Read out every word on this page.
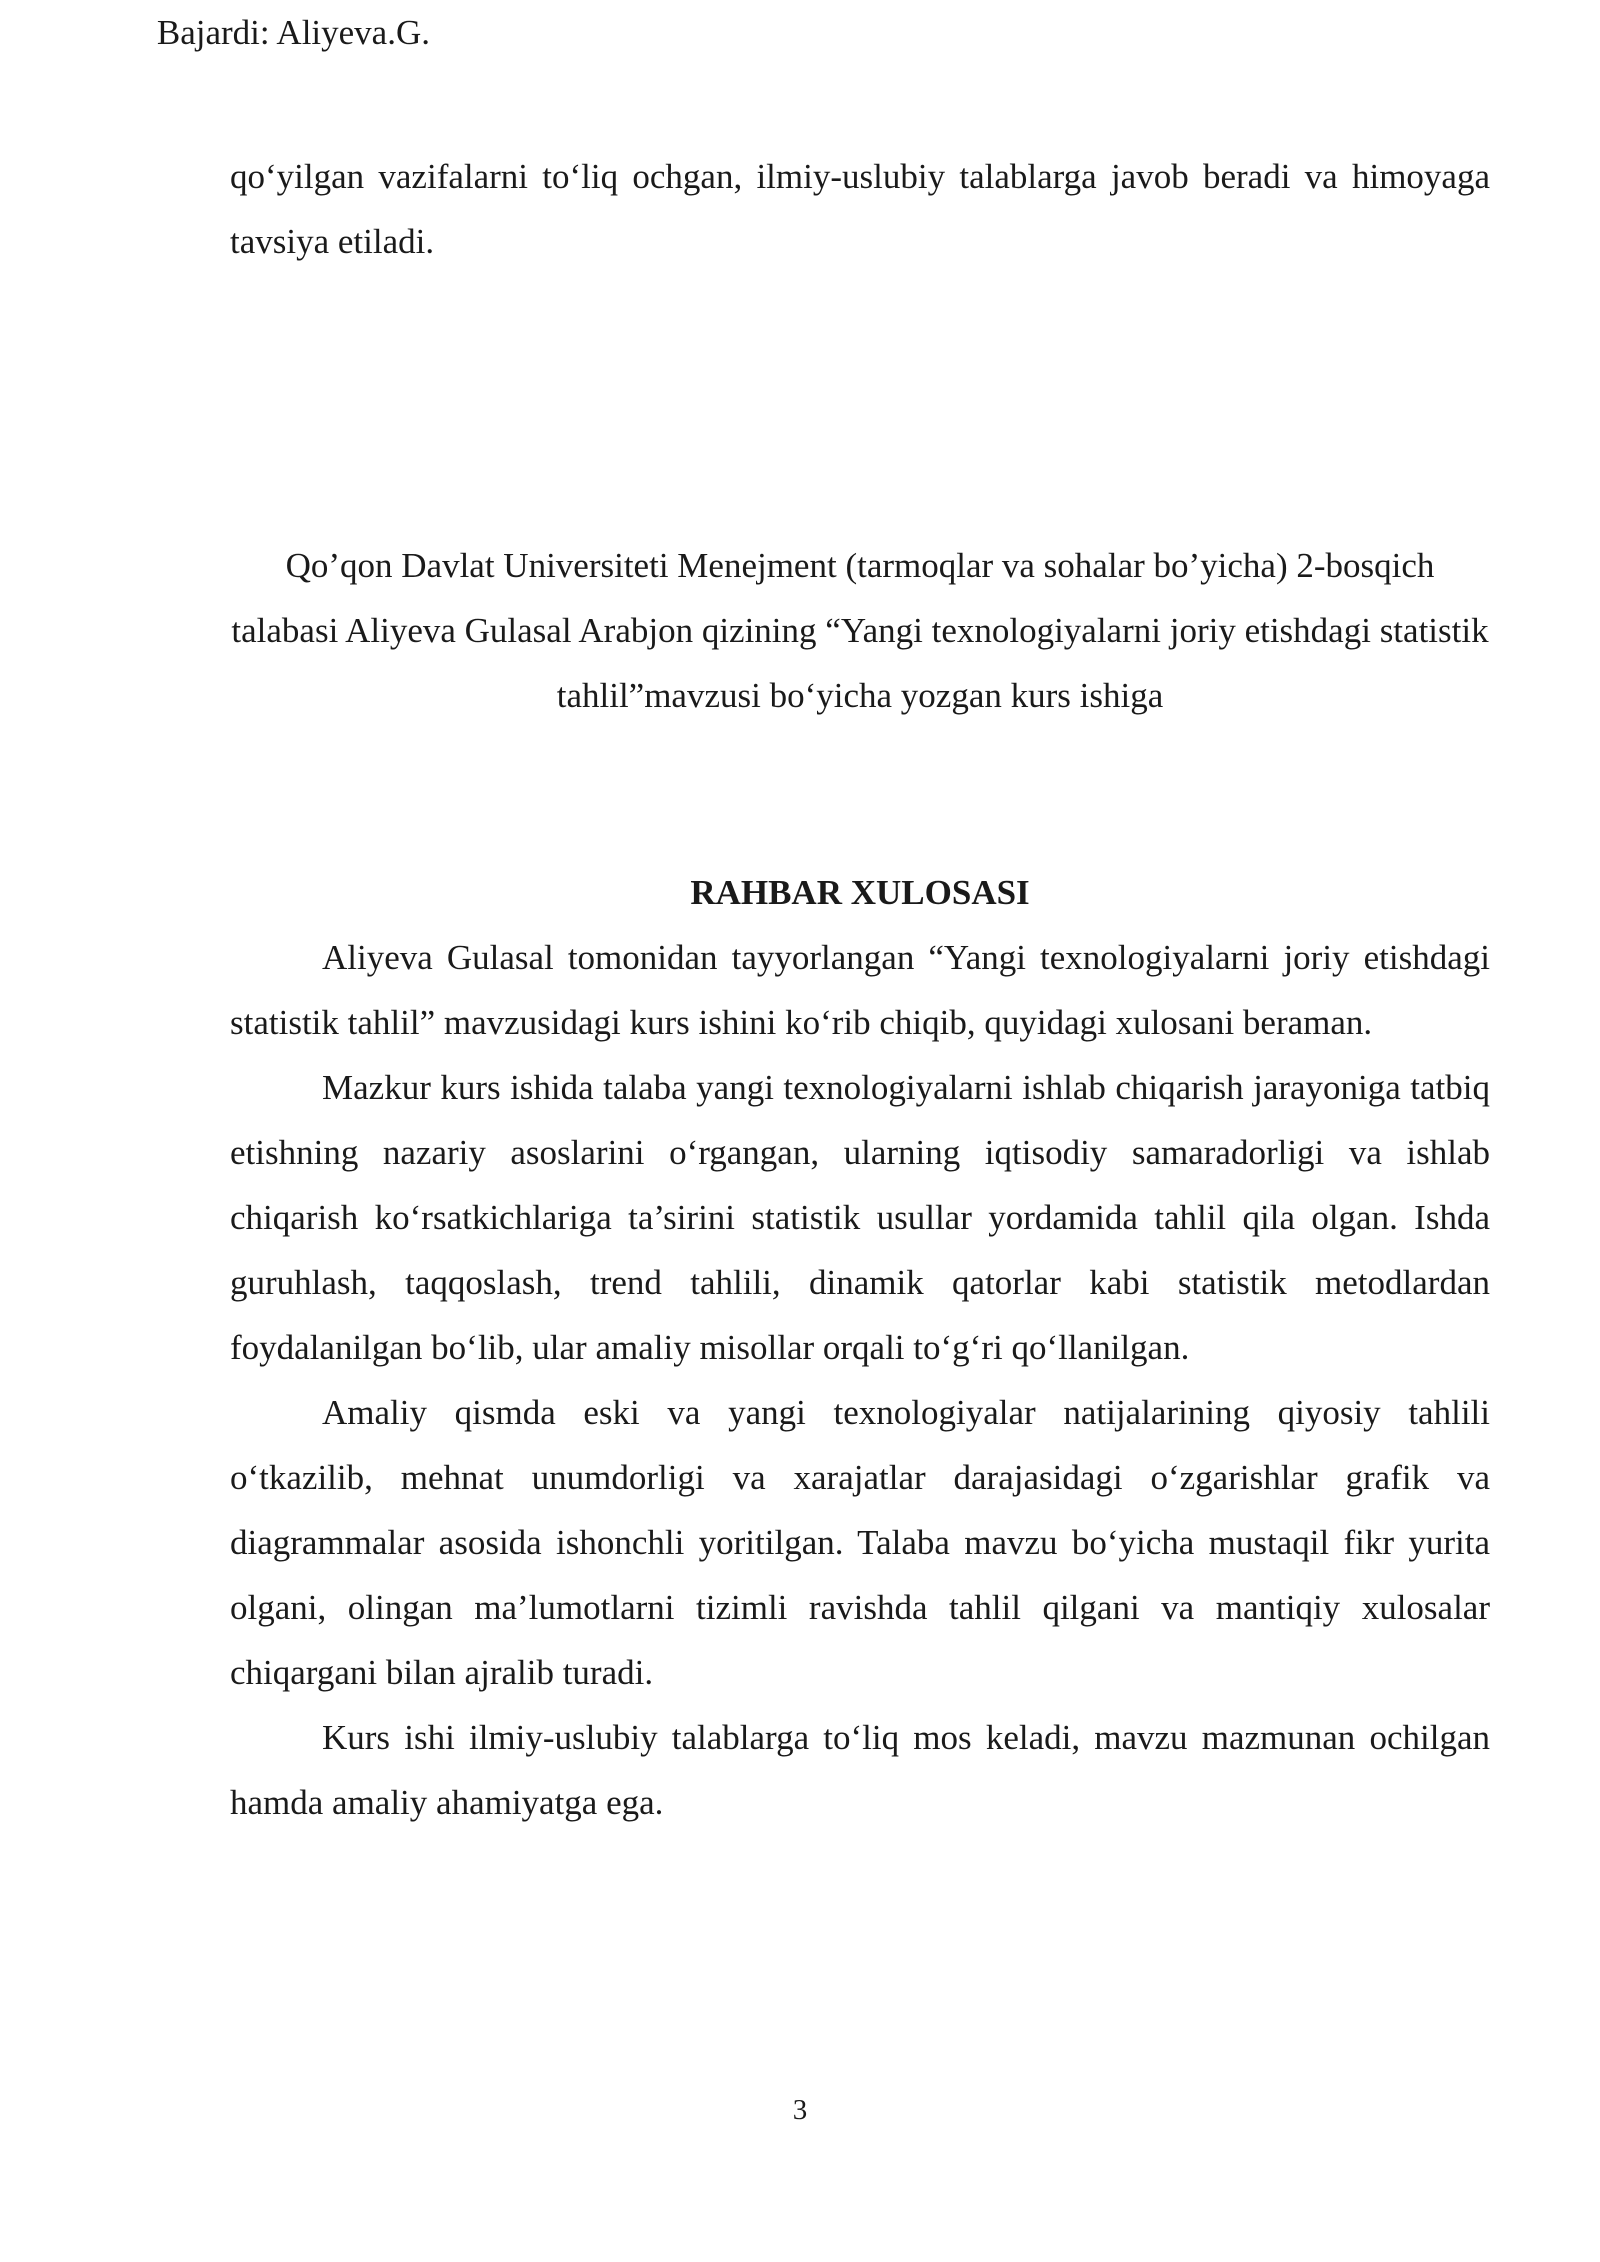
qo‘yilgan vazifalarni to‘liq ochgan, ilmiy-uslubiy talablarga javob beradi va himoyaga tavsiya etiladi.

Bajardi: Aliyeva.G.
Qo’qon Davlat Universiteti Menejment (tarmoqlar va sohalar bo’yicha) 2-bosqich talabasi Aliyeva Gulasal Arabjon qizining “Yangi texnologiyalarni joriy etishdagi statistik tahlil”mavzusi bo‘yicha yozgan kurs ishiga
RAHBAR XULOSASI

Aliyeva Gulasal tomonidan tayyorlangan “Yangi texnologiyalarni joriy etishdagi statistik tahlil” mavzusidagi kurs ishini ko‘rib chiqib, quyidagi xulosani beraman.

Mazkur kurs ishida talaba yangi texnologiyalarni ishlab chiqarish jarayoniga tatbiq etishning nazariy asoslarini o‘rgangan, ularning iqtisodiy samaradorligi va ishlab chiqarish ko‘rsatkichlariga ta’sirini statistik usullar yordamida tahlil qila olgan. Ishda guruhlash, taqqoslash, trend tahlili, dinamik qatorlar kabi statistik metodlardan foydalanilgan bo‘lib, ular amaliy misollar orqali to‘g‘ri qo‘llanilgan.

Amaliy qismda eski va yangi texnologiyalar natijalarining qiyosiy tahlili o‘tkazilib, mehnat unumdorligi va xarajatlar darajasidagi o‘zgarishlar grafik va diagrammalar asosida ishonchli yoritilgan. Talaba mavzu bo‘yicha mustaqil fikr yurita olgani, olingan ma’lumotlarni tizimli ravishda tahlil qilgani va mantiqiy xulosalar chiqargani bilan ajralib turadi.

Kurs ishi ilmiy-uslubiy talablarga to‘liq mos keladi, mavzu mazmunan ochilgan hamda amaliy ahamiyatga ega.

3
